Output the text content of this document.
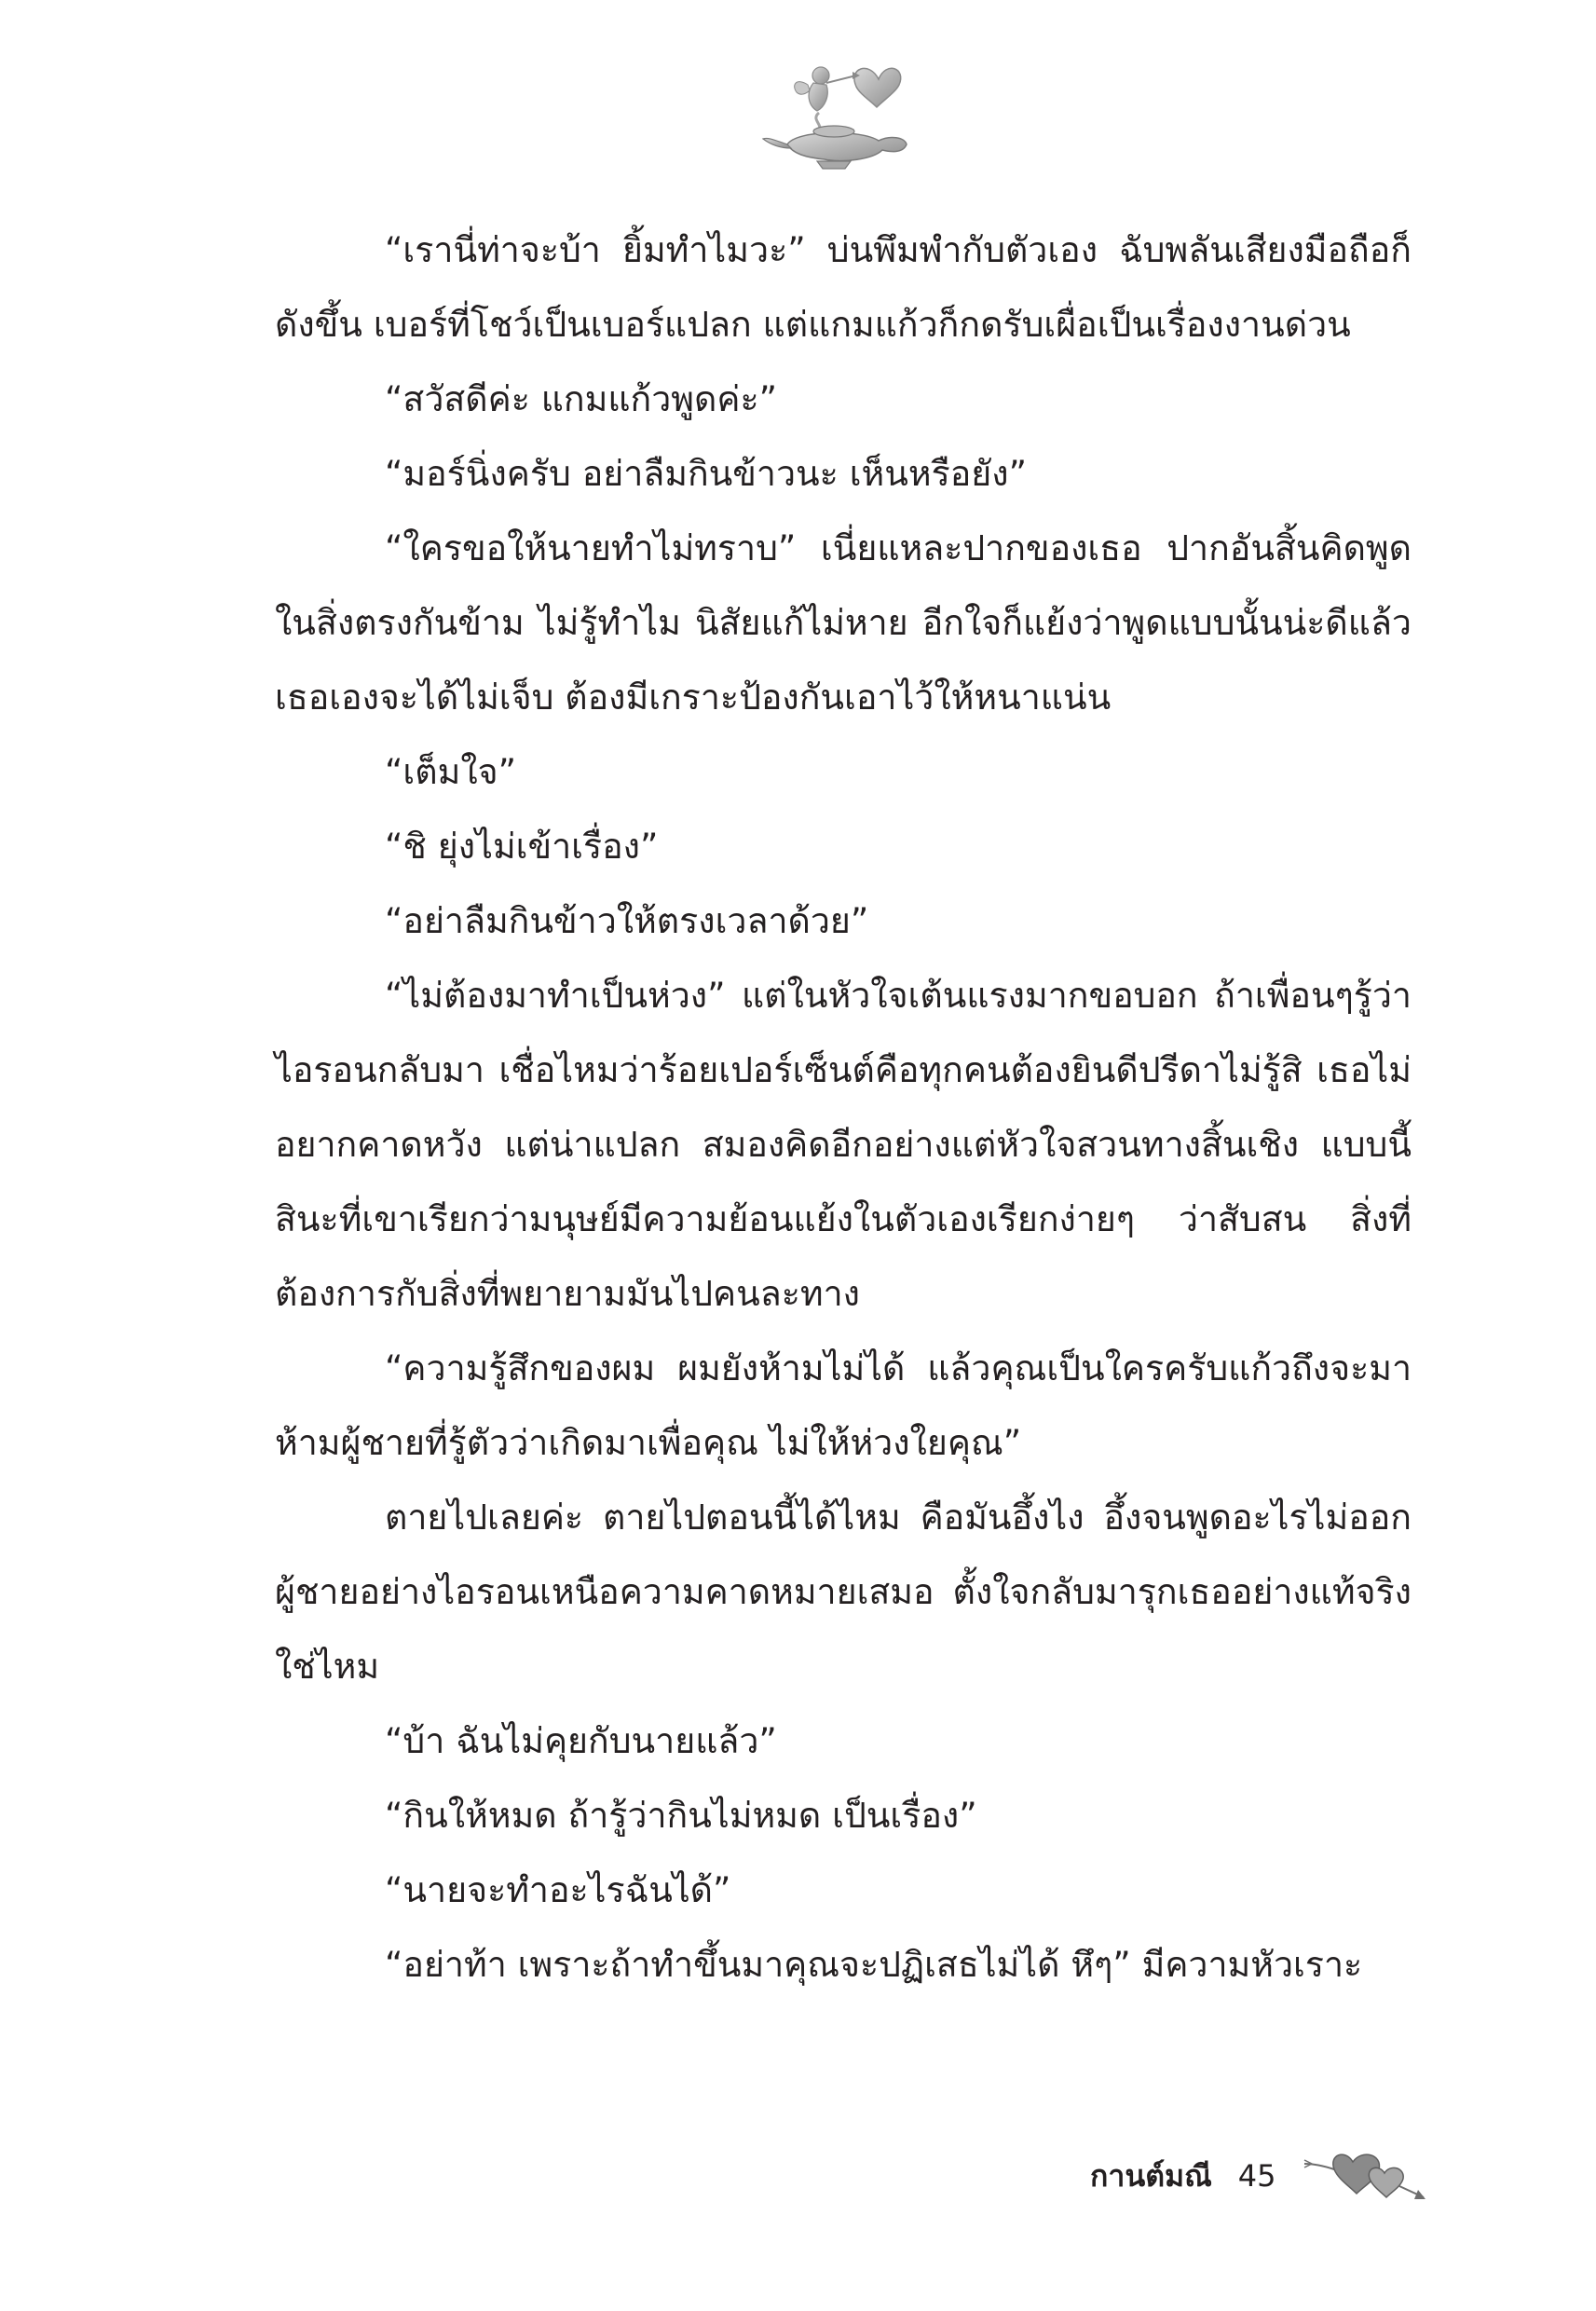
“เรานี่ท่าจะบ้า ยิ้มทำไมวะ” บ่นพึมพำกับตัวเอง ฉับพลันเสียงมือถือก็ดังขึ้น เบอร์ที่โชว์เป็นเบอร์แปลก แต่แกมแก้วก็กดรับเผื่อเป็นเรื่องงานด่วน

“สวัสดีค่ะ แกมแก้วพูดค่ะ”

“มอร์นิ่งครับ อย่าลืมกินข้าวนะ เห็นหรือยัง”

“ใครขอให้นายทำไม่ทราบ” เนี่ยแหละปากของเธอ ปากอันสิ้นคิดพูดในสิ่งตรงกันข้าม ไม่รู้ทำไม นิสัยแก้ไม่หาย อีกใจก็แย้งว่าพูดแบบนั้นน่ะดีแล้ว เธอเองจะได้ไม่เจ็บ ต้องมีเกราะป้องกันเอาไว้ให้หนาแน่น

“เต็มใจ”

“ชิ ยุ่งไม่เข้าเรื่อง”

“อย่าลืมกินข้าวให้ตรงเวลาด้วย”

“ไม่ต้องมาทำเป็นห่วง” แต่ในหัวใจเต้นแรงมากขอบอก ถ้าเพื่อนๆรู้ว่าไอรอนกลับมา เชื่อไหมว่าร้อยเปอร์เซ็นต์คือทุกคนต้องยินดีปรีดาไม่รู้สิ เธอไม่อยากคาดหวัง แต่น่าแปลก สมองคิดอีกอย่างแต่หัวใจสวนทางสิ้นเชิง แบบนี้สินะที่เขาเรียกว่ามนุษย์มีความย้อนแย้งในตัวเองเรียกง่ายๆ ว่าสับสน สิ่งที่ต้องการกับสิ่งที่พยายามมันไปคนละทาง

“ความรู้สึกของผม ผมยังห้ามไม่ได้ แล้วคุณเป็นใครครับแก้วถึงจะมาห้ามผู้ชายที่รู้ตัวว่าเกิดมาเพื่อคุณ ไม่ให้ห่วงใยคุณ”

ตายไปเลยค่ะ ตายไปตอนนี้ได้ไหม คือมันอึ้งไง อึ้งจนพูดอะไรไม่ออก ผู้ชายอย่างไอรอนเหนือความคาดหมายเสมอ ตั้งใจกลับมารุกเธออย่างแท้จริงใช่ไหม

“บ้า ฉันไม่คุยกับนายแล้ว”

“กินให้หมด ถ้ารู้ว่ากินไม่หมด เป็นเรื่อง”

“นายจะทำอะไรฉันได้”

“อย่าท้า เพราะถ้าทำขึ้นมาคุณจะปฏิเสธไม่ได้ หึๆ” มีความหัวเราะ

กานต์มณี 45
